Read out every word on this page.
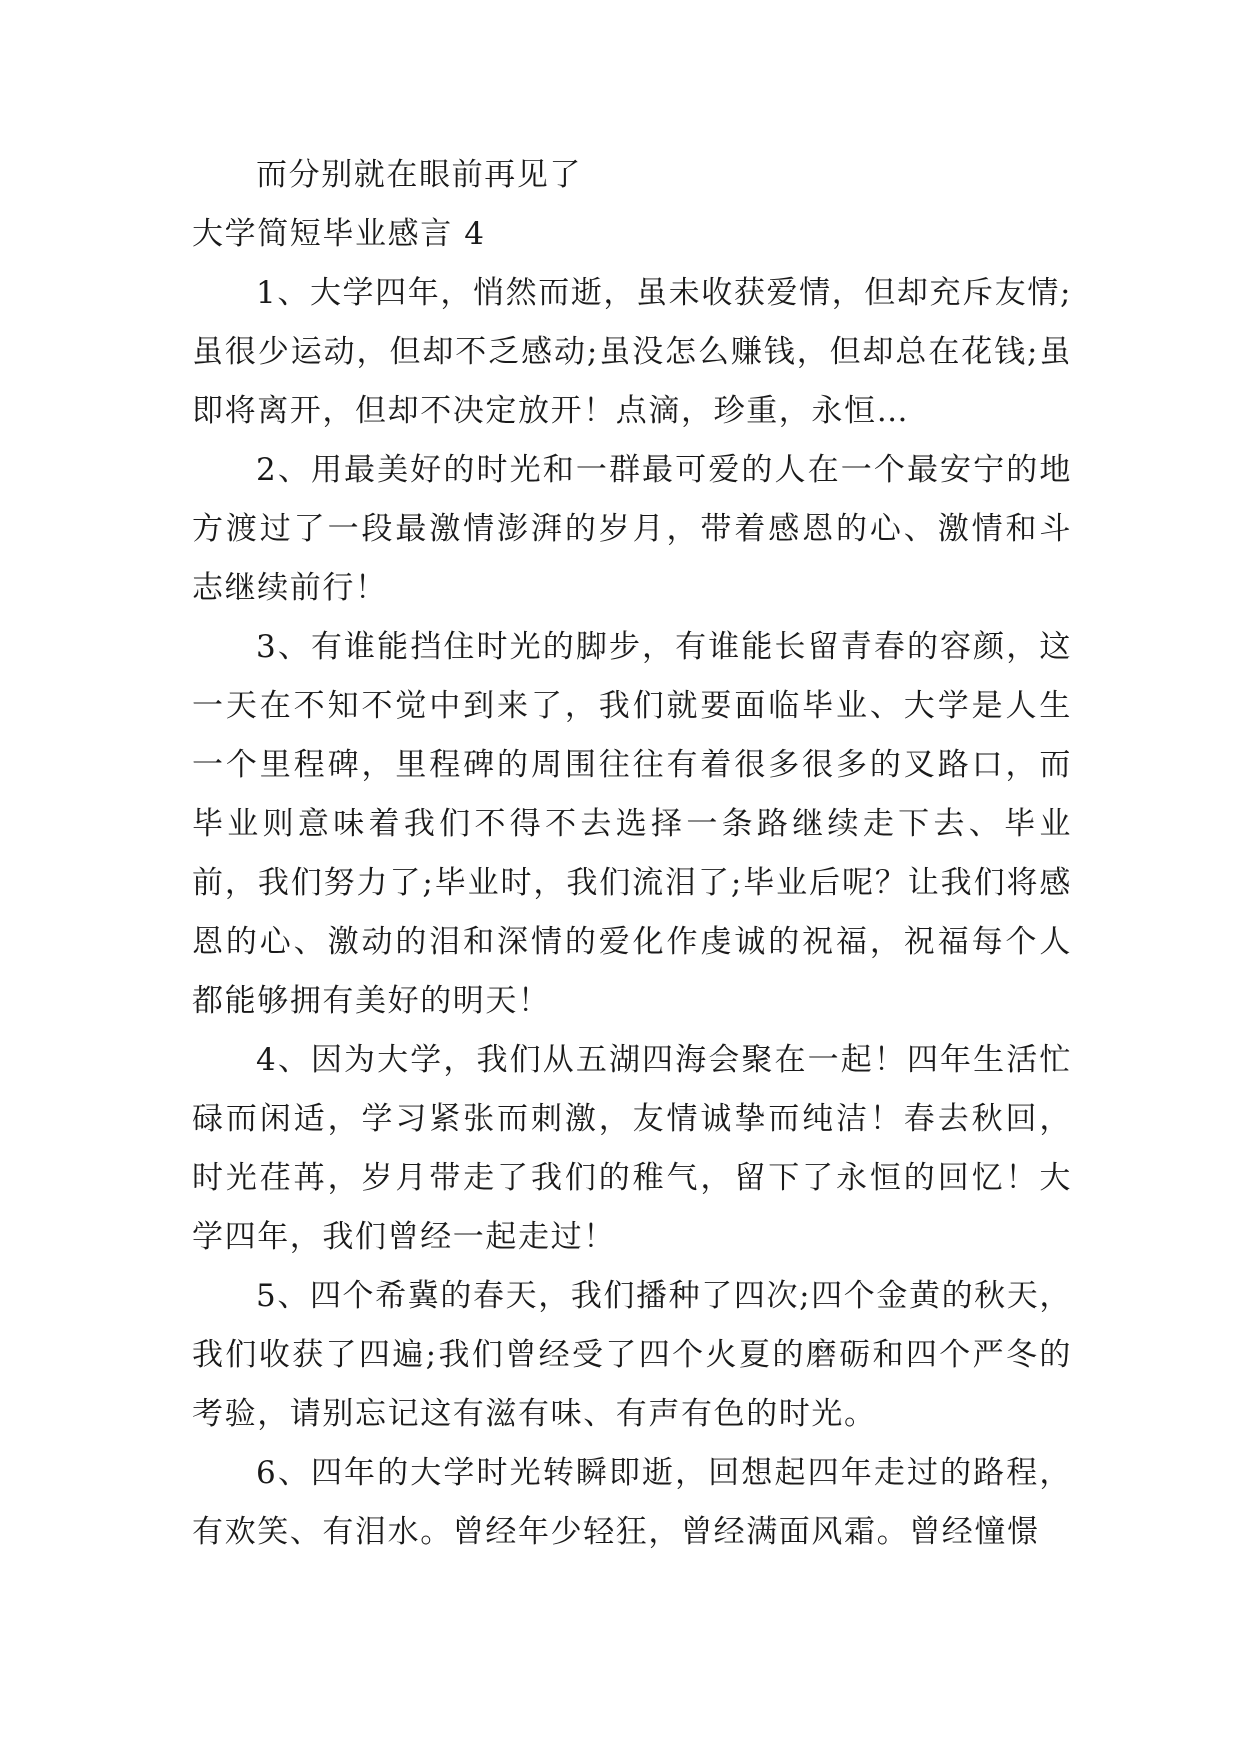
而分别就在眼前再见了

大学简短毕业感言 4

1、大学四年，悄然而逝，虽未收获爱情，但却充斥友情;虽很少运动，但却不乏感动;虽没怎么赚钱，但却总在花钱;虽即将离开，但却不决定放开！点滴，珍重，永恒…

2、用最美好的时光和一群最可爱的人在一个最安宁的地方渡过了一段最激情澎湃的岁月，带着感恩的心、激情和斗志继续前行！

3、有谁能挡住时光的脚步，有谁能长留青春的容颜，这一天在不知不觉中到来了，我们就要面临毕业、大学是人生一个里程碑，里程碑的周围往往有着很多很多的叉路口，而毕业则意味着我们不得不去选择一条路继续走下去、毕业前，我们努力了;毕业时，我们流泪了;毕业后呢？让我们将感恩的心、激动的泪和深情的爱化作虔诚的祝福，祝福每个人都能够拥有美好的明天！

4、因为大学，我们从五湖四海会聚在一起！四年生活忙碌而闲适，学习紧张而刺激，友情诚挚而纯洁！春去秋回，时光荏苒，岁月带走了我们的稚气，留下了永恒的回忆！大学四年，我们曾经一起走过！

5、四个希冀的春天，我们播种了四次;四个金黄的秋天，我们收获了四遍;我们曾经受了四个火夏的磨砺和四个严冬的考验，请别忘记这有滋有味、有声有色的时光。

6、四年的大学时光转瞬即逝，回想起四年走过的路程，有欢笑、有泪水。曾经年少轻狂，曾经满面风霜。曾经憧憬
